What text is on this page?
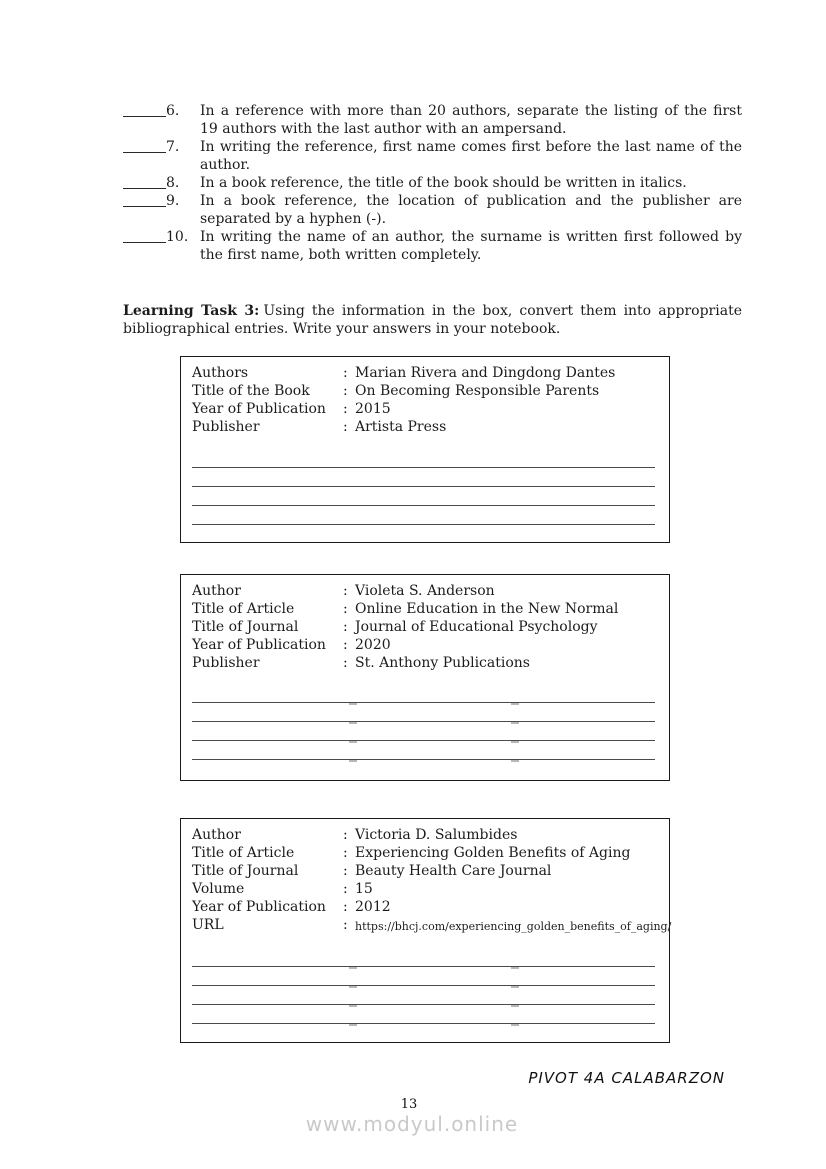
6.	In a reference with more than 20 authors, separate the listing of the first 19 authors with the last author with an ampersand.
7.	In writing the reference, first name comes first before the last name of the author.
8.	In a book reference, the title of the book should be written in italics.
9.	In a book reference, the location of publication and the publisher are separated by a hyphen (-).
10. In writing the name of an author, the surname is written first followed by the first name, both written completely.

Learning Task 3: Using the information in the box, convert them into appropriate bibliographical entries. Write your answers in your notebook.

Authors	: Marian Rivera and Dingdong Dantes
Title of the Book	: On Becoming Responsible Parents
Year of Publication	: 2015
Publisher	: Artista Press
Author	: Violeta S. Anderson
Title of Article	: Online Education in the New Normal
Title of Journal	: Journal of Educational Psychology
Year of Publication	: 2020
Publisher	: St. Anthony Publications
Author	: Victoria D. Salumbides
Title of Article	: Experiencing Golden Benefits of Aging
Title of Journal	: Beauty Health Care Journal
Volume	: 15
Year of Publication	: 2012
URL	: https://bhcj.com/experiencing_golden_benefits_of_aging/
PIVOT 4A CALABARZON
13
www.modyul.online
